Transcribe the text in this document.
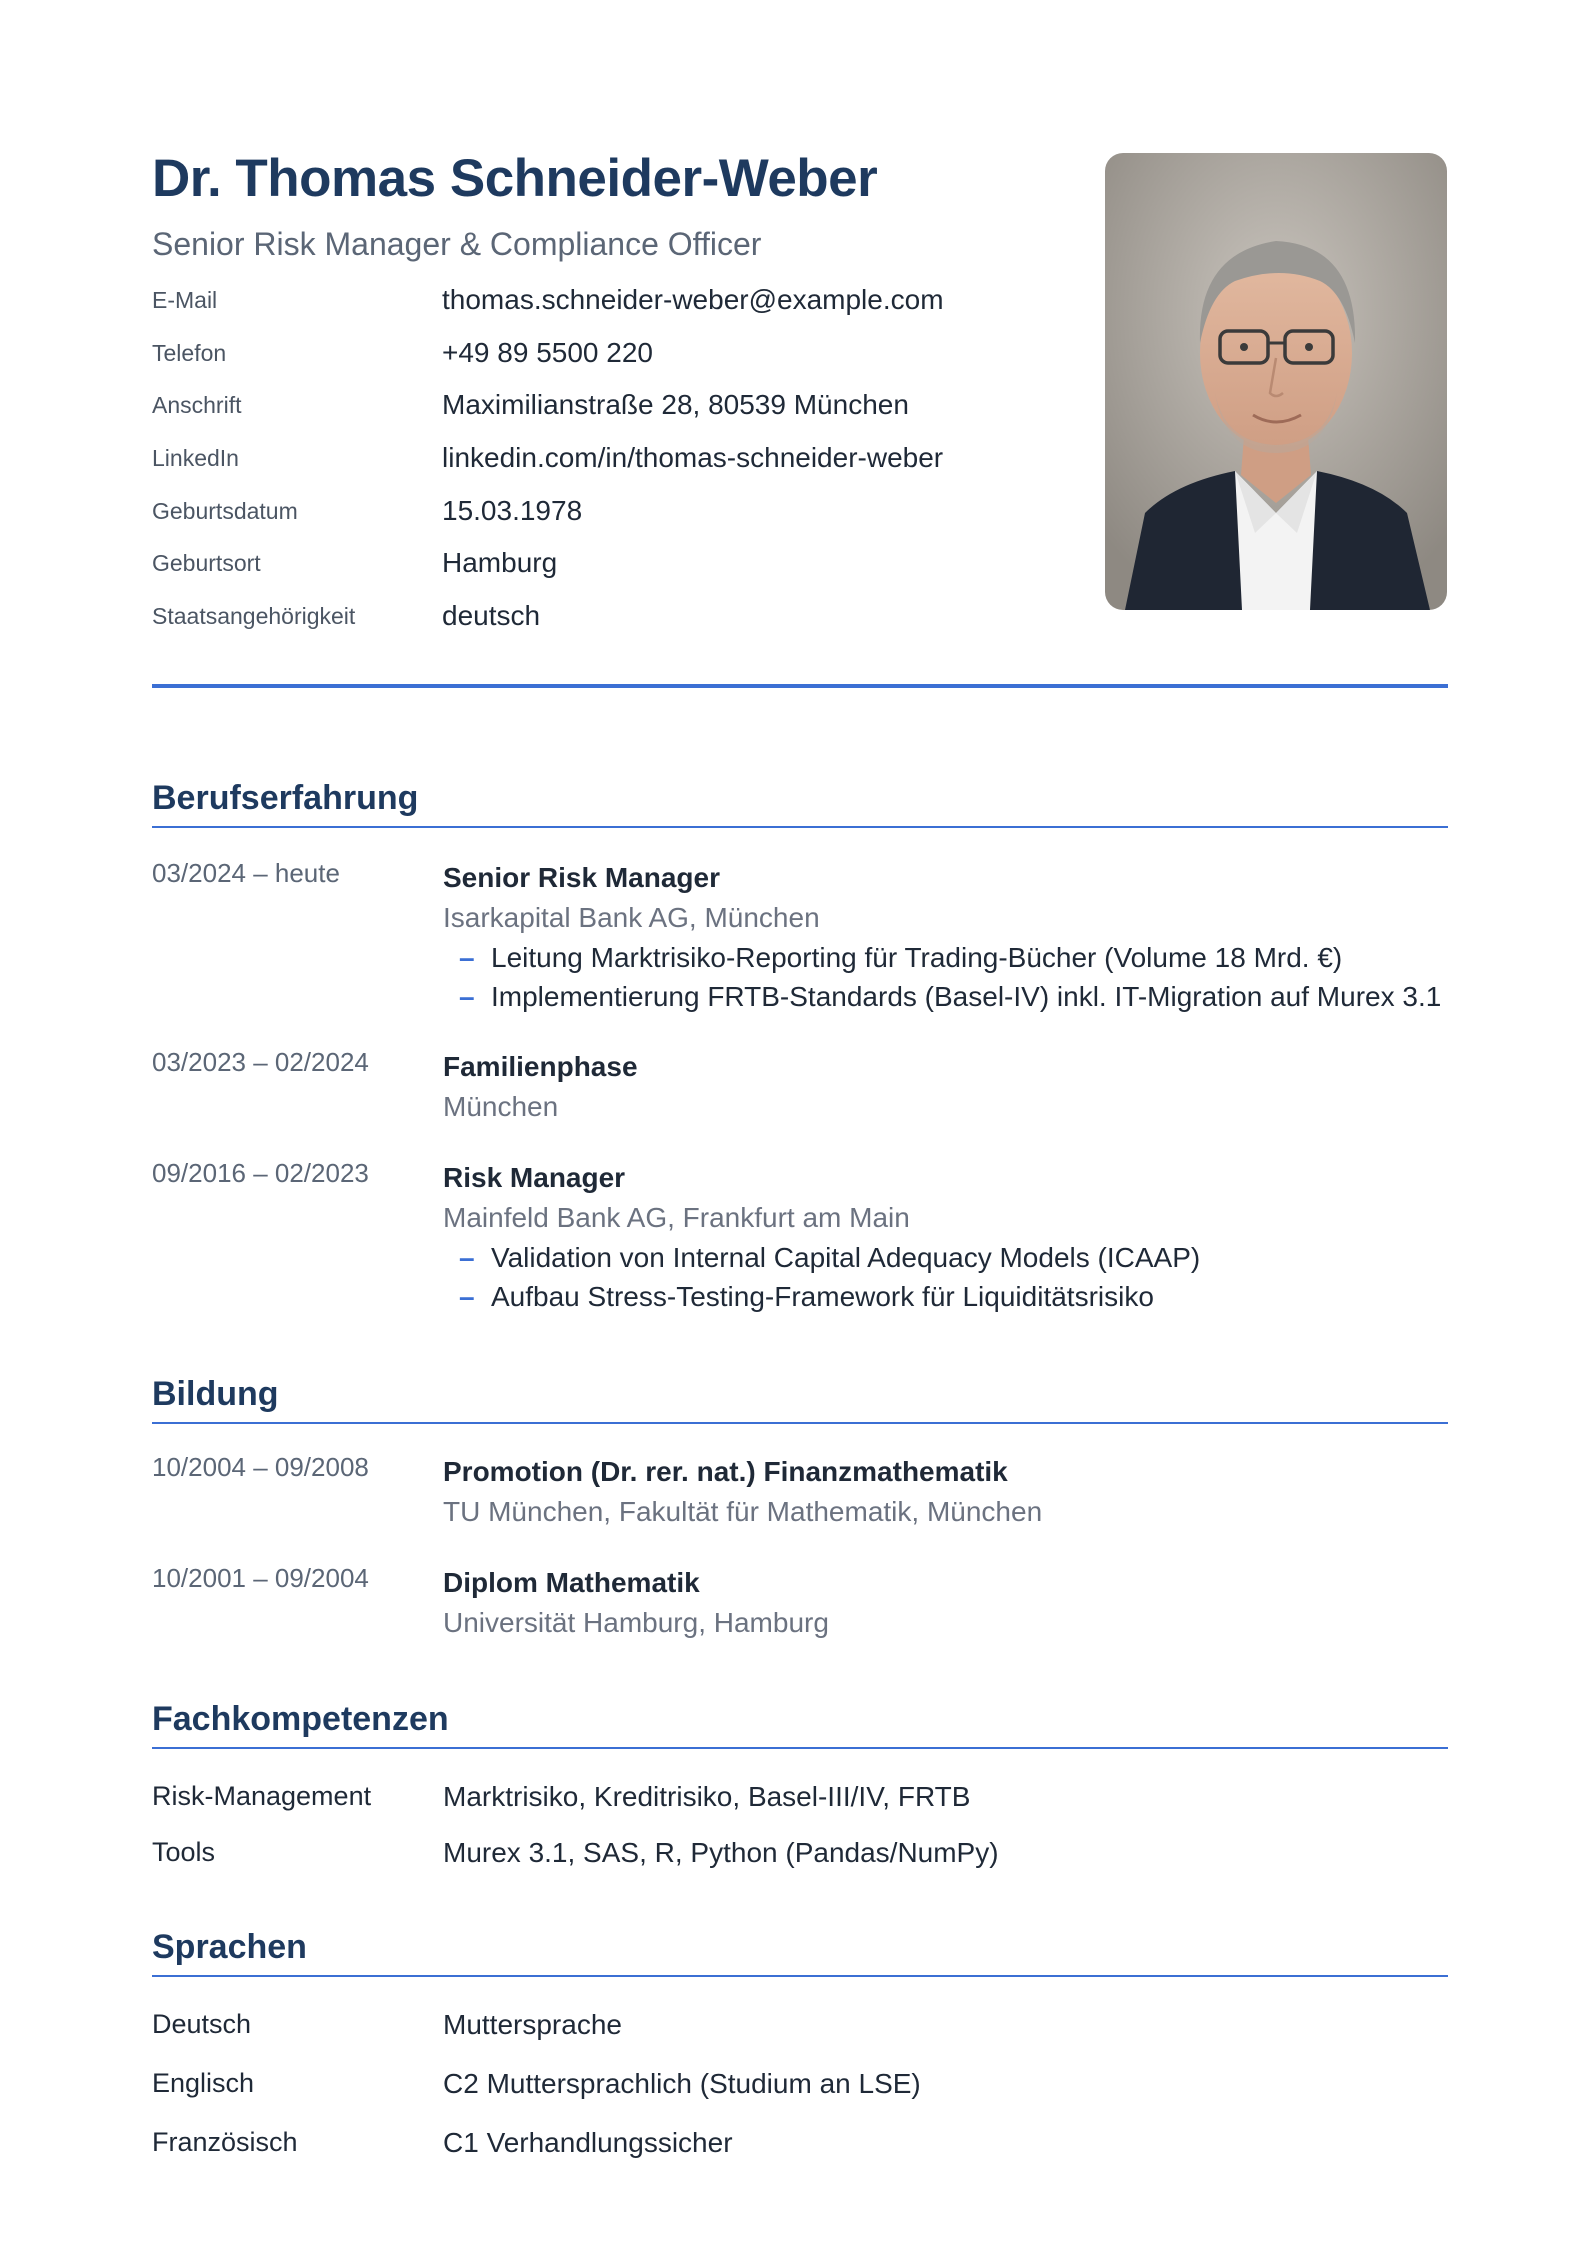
Dr. Thomas Schneider-Weber
Senior Risk Manager & Compliance Officer
E-Mail	thomas.schneider-weber@example.com
Telefon	+49 89 5500 220
Anschrift	Maximilianstraße 28, 80539 München
LinkedIn	linkedin.com/in/thomas-schneider-weber
Geburtsdatum	15.03.1978
Geburtsort	Hamburg
Staatsangehörigkeit	deutsch
Berufserfahrung
03/2024 – heute	Senior Risk Manager
Isarkapital Bank AG, München
– Leitung Marktrisiko-Reporting für Trading-Bücher (Volume 18 Mrd. €)
– Implementierung FRTB-Standards (Basel-IV) inkl. IT-Migration auf Murex 3.1
03/2023 – 02/2024	Familienphase
München
09/2016 – 02/2023	Risk Manager
Mainfeld Bank AG, Frankfurt am Main
– Validation von Internal Capital Adequacy Models (ICAAP)
– Aufbau Stress-Testing-Framework für Liquiditätsrisiko
Bildung
10/2004 – 09/2008	Promotion (Dr. rer. nat.) Finanzmathematik
TU München, Fakultät für Mathematik, München
10/2001 – 09/2004	Diplom Mathematik
Universität Hamburg, Hamburg
Fachkompetenzen
Risk-Management	Marktrisiko, Kreditrisiko, Basel-III/IV, FRTB
Tools	Murex 3.1, SAS, R, Python (Pandas/NumPy)
Sprachen
Deutsch	Muttersprache
Englisch	C2 Muttersprachlich (Studium an LSE)
Französisch	C1 Verhandlungssicher
